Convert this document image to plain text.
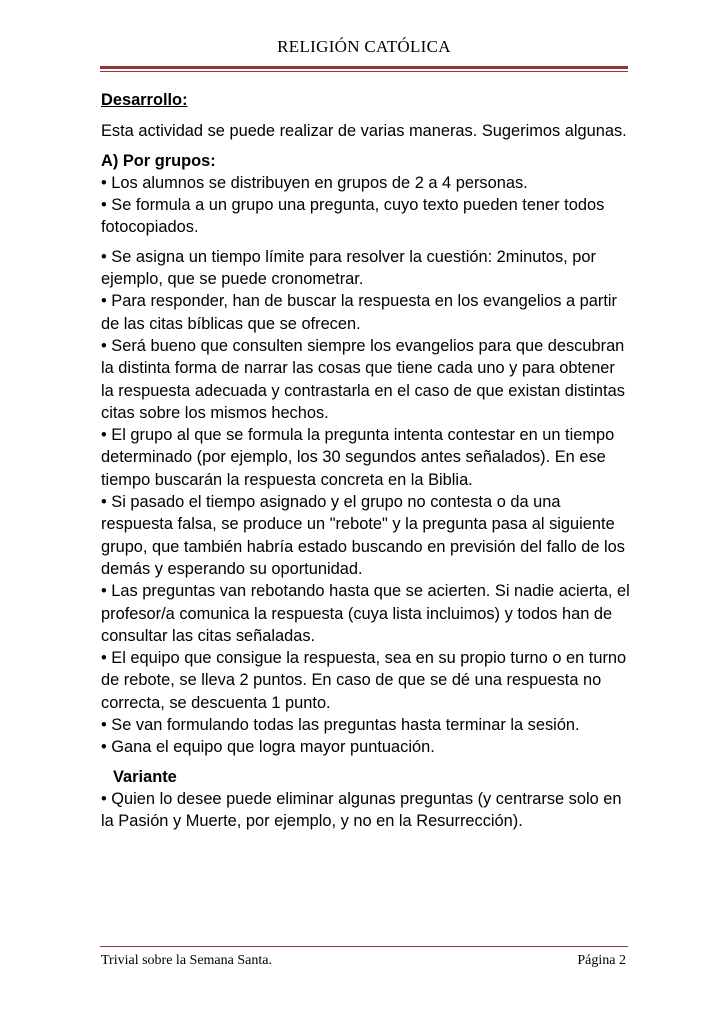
RELIGIÓN CATÓLICA

Desarrollo:

Esta actividad se puede realizar de varias maneras. Sugerimos algunas.

A) Por grupos:

• Los alumnos se distribuyen en grupos de 2 a 4 personas.

• Se formula a un grupo una pregunta, cuyo texto pueden tener todos fotocopiados.

• Se asigna un tiempo límite para resolver la cuestión: 2minutos, por ejemplo, que se puede cronometrar.

• Para responder, han de buscar la respuesta en los evangelios a partir de las citas bíblicas que se ofrecen.

• Será bueno que consulten siempre los evangelios para que descubran la distinta forma de narrar las cosas que tiene cada uno y para obtener la respuesta adecuada y contrastarla en el caso de que existan distintas citas sobre los mismos hechos.

• El grupo al que se formula la pregunta intenta contestar en un tiempo determinado (por ejemplo, los 30 segundos antes señalados). En ese tiempo buscarán la respuesta concreta en la Biblia.

• Si pasado el tiempo asignado y el grupo no contesta o da una respuesta falsa, se produce un "rebote" y la pregunta pasa al siguiente grupo, que también habría estado buscando en previsión del fallo de los demás y esperando su oportunidad.

• Las preguntas van rebotando hasta que se acierten. Si nadie acierta, el profesor/a comunica la respuesta (cuya lista incluimos) y todos han de consultar las citas señaladas.

• El equipo que consigue la respuesta, sea en su propio turno o en turno de rebote, se lleva 2 puntos. En caso de que se dé una respuesta no correcta, se descuenta 1 punto.

• Se van formulando todas las preguntas hasta terminar la sesión.

• Gana el equipo que logra mayor puntuación.

Variante

• Quien lo desee puede eliminar algunas preguntas (y centrarse solo en la Pasión y Muerte, por ejemplo, y no en la Resurrección).

Trivial sobre la Semana Santa.	Página 2
